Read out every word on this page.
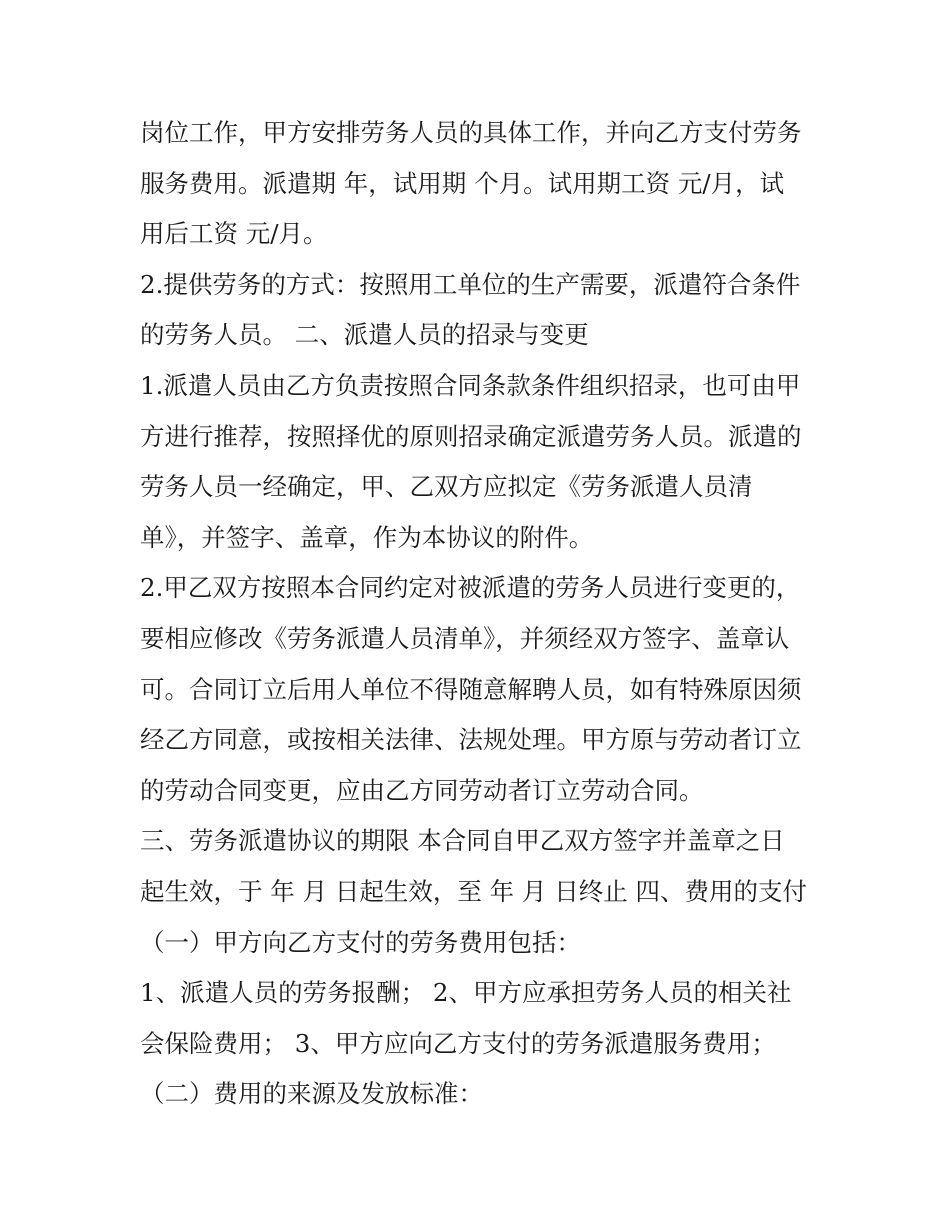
岗位工作，甲方安排劳务人员的具体工作，并向乙方支付劳务

服务费用。派遣期 年，试用期 个月。试用期工资 元/月，试

用后工资 元/月。

2.提供劳务的方式：按照用工单位的生产需要，派遣符合条件

的劳务人员。 二、派遣人员的招录与变更

1.派遣人员由乙方负责按照合同条款条件组织招录，也可由甲

方进行推荐，按照择优的原则招录确定派遣劳务人员。派遣的

劳务人员一经确定，甲、乙双方应拟定《劳务派遣人员清

单》，并签字、盖章，作为本协议的附件。

2.甲乙双方按照本合同约定对被派遣的劳务人员进行变更的，

要相应修改《劳务派遣人员清单》，并须经双方签字、盖章认

可。合同订立后用人单位不得随意解聘人员，如有特殊原因须

经乙方同意，或按相关法律、法规处理。甲方原与劳动者订立

的劳动合同变更，应由乙方同劳动者订立劳动合同。

三、劳务派遣协议的期限 本合同自甲乙双方签字并盖章之日

起生效，于 年 月 日起生效，至 年 月 日终止 四、费用的支付

（一）甲方向乙方支付的劳务费用包括：

1、派遣人员的劳务报酬； 2、甲方应承担劳务人员的相关社

会保险费用； 3、甲方应向乙方支付的劳务派遣服务费用；

（二）费用的来源及发放标准：
